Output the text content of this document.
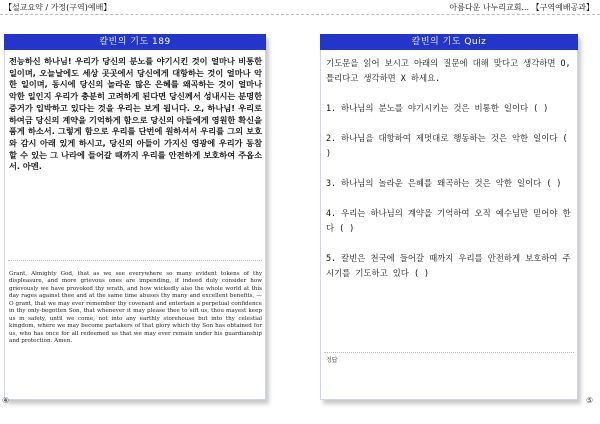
【설교요약 / 가정(구역)예배】	아름다운 나누리교회... 【구역예배공과】
칼빈의 기도 189

전능하신 하나님! 우리가 당신의 분노를 야기시킨 것이 얼마나 비통한 일이며, 오늘날에도 세상 곳곳에서 당신에게 대항하는 것이 얼마나 악한 일이며, 동시에 당신의 놀라운 많은 은혜를 왜곡하는 것이 얼마나 악한 일인지 우리가 충분히 고려하게 된다면 당신께서 성내시는 분명한 증거가 입박하고 있다는 것을 우리는 보게 됩니다. 오, 하나님! 우리로 하여금 당신의 계약을 기억하게 함으로 당신의 아들에게 영원한 확신을 품게 하소서. 그렇게 함으로 우리를 단번에 원하셔서 우리를 그의 보호와 감시 아래 있게 하시고, 당신의 아들이 가지신 영광에 우리가 동참할 수 있는 그 나라에 들어갈 때까지 우리를 안전하게 보호하여 주옵소서. 아멘.

Grant, Almighty God, that as we see everywhere so many evident tokens of thy displeasure, and more grievous ones are impending, if indeed duly consider how grievously we have provoked thy wrath, and how wickedly also the whole world at this day rages against thee and at the same time abuses thy many and excellent benefits, — O grant, that we may ever remember thy covenant and entertain a perpetual confidence in thy only-begotten Son, that whenever it may please thee to sift us, thou mayest keep us in safety, until we come, not into any earthly storehouse but into thy celestial kingdom, where we may become partakers of that glory which thy Son has obtained for us, who has once for all redeemed us that we may ever remain under his guardianship and protection. Amen.

칼빈의 기도 Quiz

기도문을 읽어 보시고 아래의 질문에 대해 맞다고 생각하면 O, 틀리다고 생각하면 X 하세요.

1. 하나님의 분노를 야기시키는 것은 비통한 일이다 ( )

2. 하나님을 대항하여 제멋대로 행동하는 것은 악한 일이다 ( )

3. 하나님의 놀라운 은혜를 왜곡하는 것은 악한 일이다 ( )

4. 우리는 하나님의 계약을 기억하여 오직 예수님만 믿어야 한다 ( )

5. 칼빈은 천국에 들어갈 때까지 우리를 안전하게 보호하여 주시기를 기도하고 있다 ( )

정답
④	⑤
